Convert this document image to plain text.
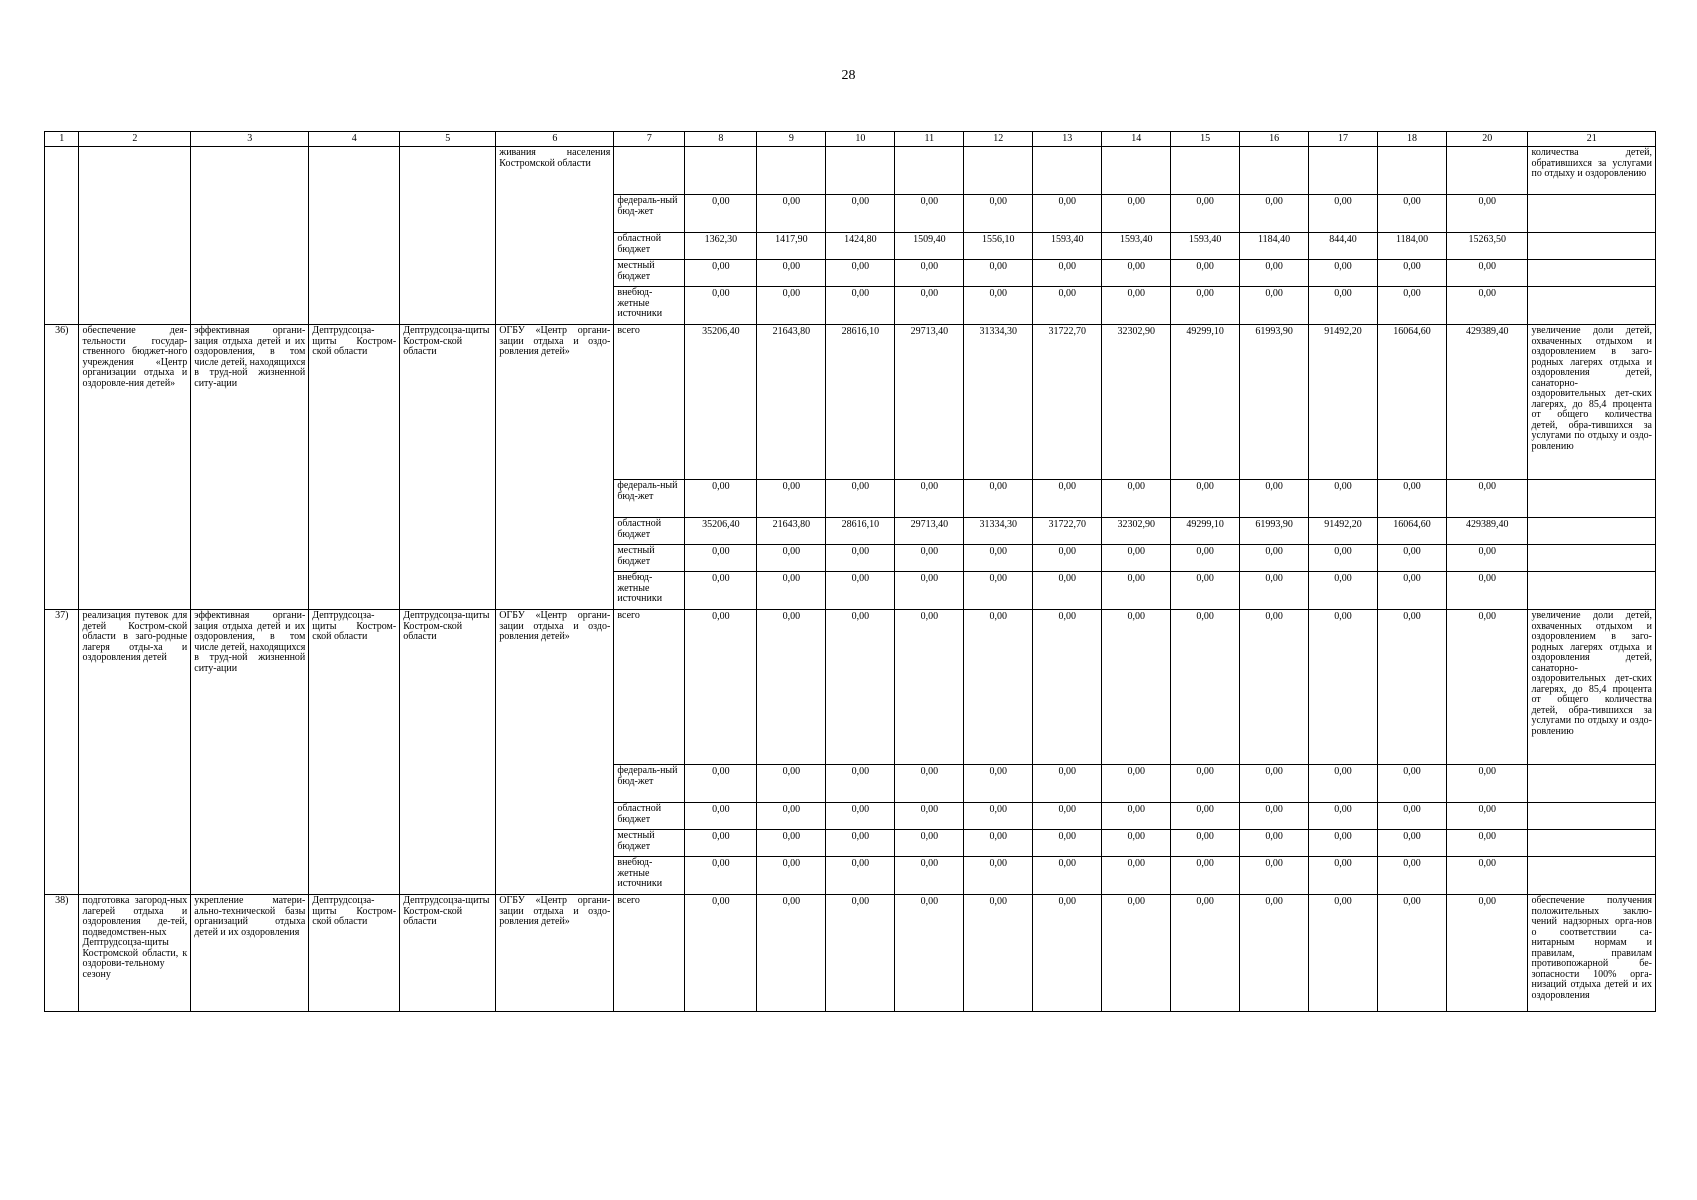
28
1	2	3	4	5	6	7	8	9	10	11	12	13	14	15	16	17	18	20	21
					живания населения Костромской области														количества детей, обратившихся за услугами по отдыху и оздоровлению
						федераль-ный бюд-жет	0,00	0,00	0,00	0,00	0,00	0,00	0,00	0,00	0,00	0,00	0,00	0,00	
						областной бюджет	1362,30	1417,90	1424,80	1509,40	1556,10	1593,40	1593,40	1593,40	1184,40	844,40	1184,00	15263,50	
						местный бюджет	0,00	0,00	0,00	0,00	0,00	0,00	0,00	0,00	0,00	0,00	0,00	0,00	
						внебюд-жетные источники	0,00	0,00	0,00	0,00	0,00	0,00	0,00	0,00	0,00	0,00	0,00	0,00	
36)	обеспечение дея-тельности государ-ственного бюджет-ного учреждения «Центр организации отдыха и оздоровле-ния детей»	эффективная органи-зация отдыха детей и их оздоровления, в том числе детей, находящихся в труд-ной жизненной ситу-ации	Дептрудсоцза-щиты Костром-ской области	Дептрудсоцза-щиты Костром-ской области	ОГБУ «Центр органи-зации отдыха и оздо-ровления детей»	всего	35206,40	21643,80	28616,10	29713,40	31334,30	31722,70	32302,90	49299,10	61993,90	91492,20	16064,60	429389,40	увеличение доли детей, охваченных отдыхом и оздоровлением в заго-родных лагерях отдыха и оздоровления детей, санаторно-оздоровительных дет-ских лагерях, до 85,4 процента от общего количества детей, обра-тившихся за услугами по отдыху и оздо-ровлению
						федераль-ный бюд-жет	0,00	0,00	0,00	0,00	0,00	0,00	0,00	0,00	0,00	0,00	0,00	0,00	
						областной бюджет	35206,40	21643,80	28616,10	29713,40	31334,30	31722,70	32302,90	49299,10	61993,90	91492,20	16064,60	429389,40	
						местный бюджет	0,00	0,00	0,00	0,00	0,00	0,00	0,00	0,00	0,00	0,00	0,00	0,00	
						внебюд-жетные источники	0,00	0,00	0,00	0,00	0,00	0,00	0,00	0,00	0,00	0,00	0,00	0,00	
37)	реализация путевок для детей Костром-ской области в заго-родные лагеря отды-ха и оздоровления детей	эффективная органи-зация отдыха детей и их оздоровления, в том числе детей, находящихся в труд-ной жизненной ситу-ации	Дептрудсоцза-щиты Костром-ской области	Дептрудсоцза-щиты Костром-ской области	ОГБУ «Центр органи-зации отдыха и оздо-ровления детей»	всего	0,00	0,00	0,00	0,00	0,00	0,00	0,00	0,00	0,00	0,00	0,00	0,00	увеличение доли детей, охваченных отдыхом и оздоровлением в заго-родных лагерях отдыха и оздоровления детей, санаторно-оздоровительных дет-ских лагерях, до 85,4 процента от общего количества детей, обра-тившихся за услугами по отдыху и оздо-ровлению
						федераль-ный бюд-жет	0,00	0,00	0,00	0,00	0,00	0,00	0,00	0,00	0,00	0,00	0,00	0,00	
						областной бюджет	0,00	0,00	0,00	0,00	0,00	0,00	0,00	0,00	0,00	0,00	0,00	0,00	
						местный бюджет	0,00	0,00	0,00	0,00	0,00	0,00	0,00	0,00	0,00	0,00	0,00	0,00	
						внебюд-жетные источники	0,00	0,00	0,00	0,00	0,00	0,00	0,00	0,00	0,00	0,00	0,00	0,00	
38)	подготовка загород-ных лагерей отдыха и оздоровления де-тей, подведомствен-ных Дептрудсоцза-щиты Костромской области, к оздорови-тельному сезону	укрепление матери-ально-технической базы организаций отдыха детей и их оздоровления	Дептрудсоцза-щиты Костром-ской области	Дептрудсоцза-щиты Костром-ской области	ОГБУ «Центр органи-зации отдыха и оздо-ровления детей»	всего	0,00	0,00	0,00	0,00	0,00	0,00	0,00	0,00	0,00	0,00	0,00	0,00	обеспечение получения положительных заклю-чений надзорных орга-нов о соответствии са-нитарным нормам и правилам, правилам противопожарной бе-зопасности 100% орга-низаций отдыха детей и их оздоровления
